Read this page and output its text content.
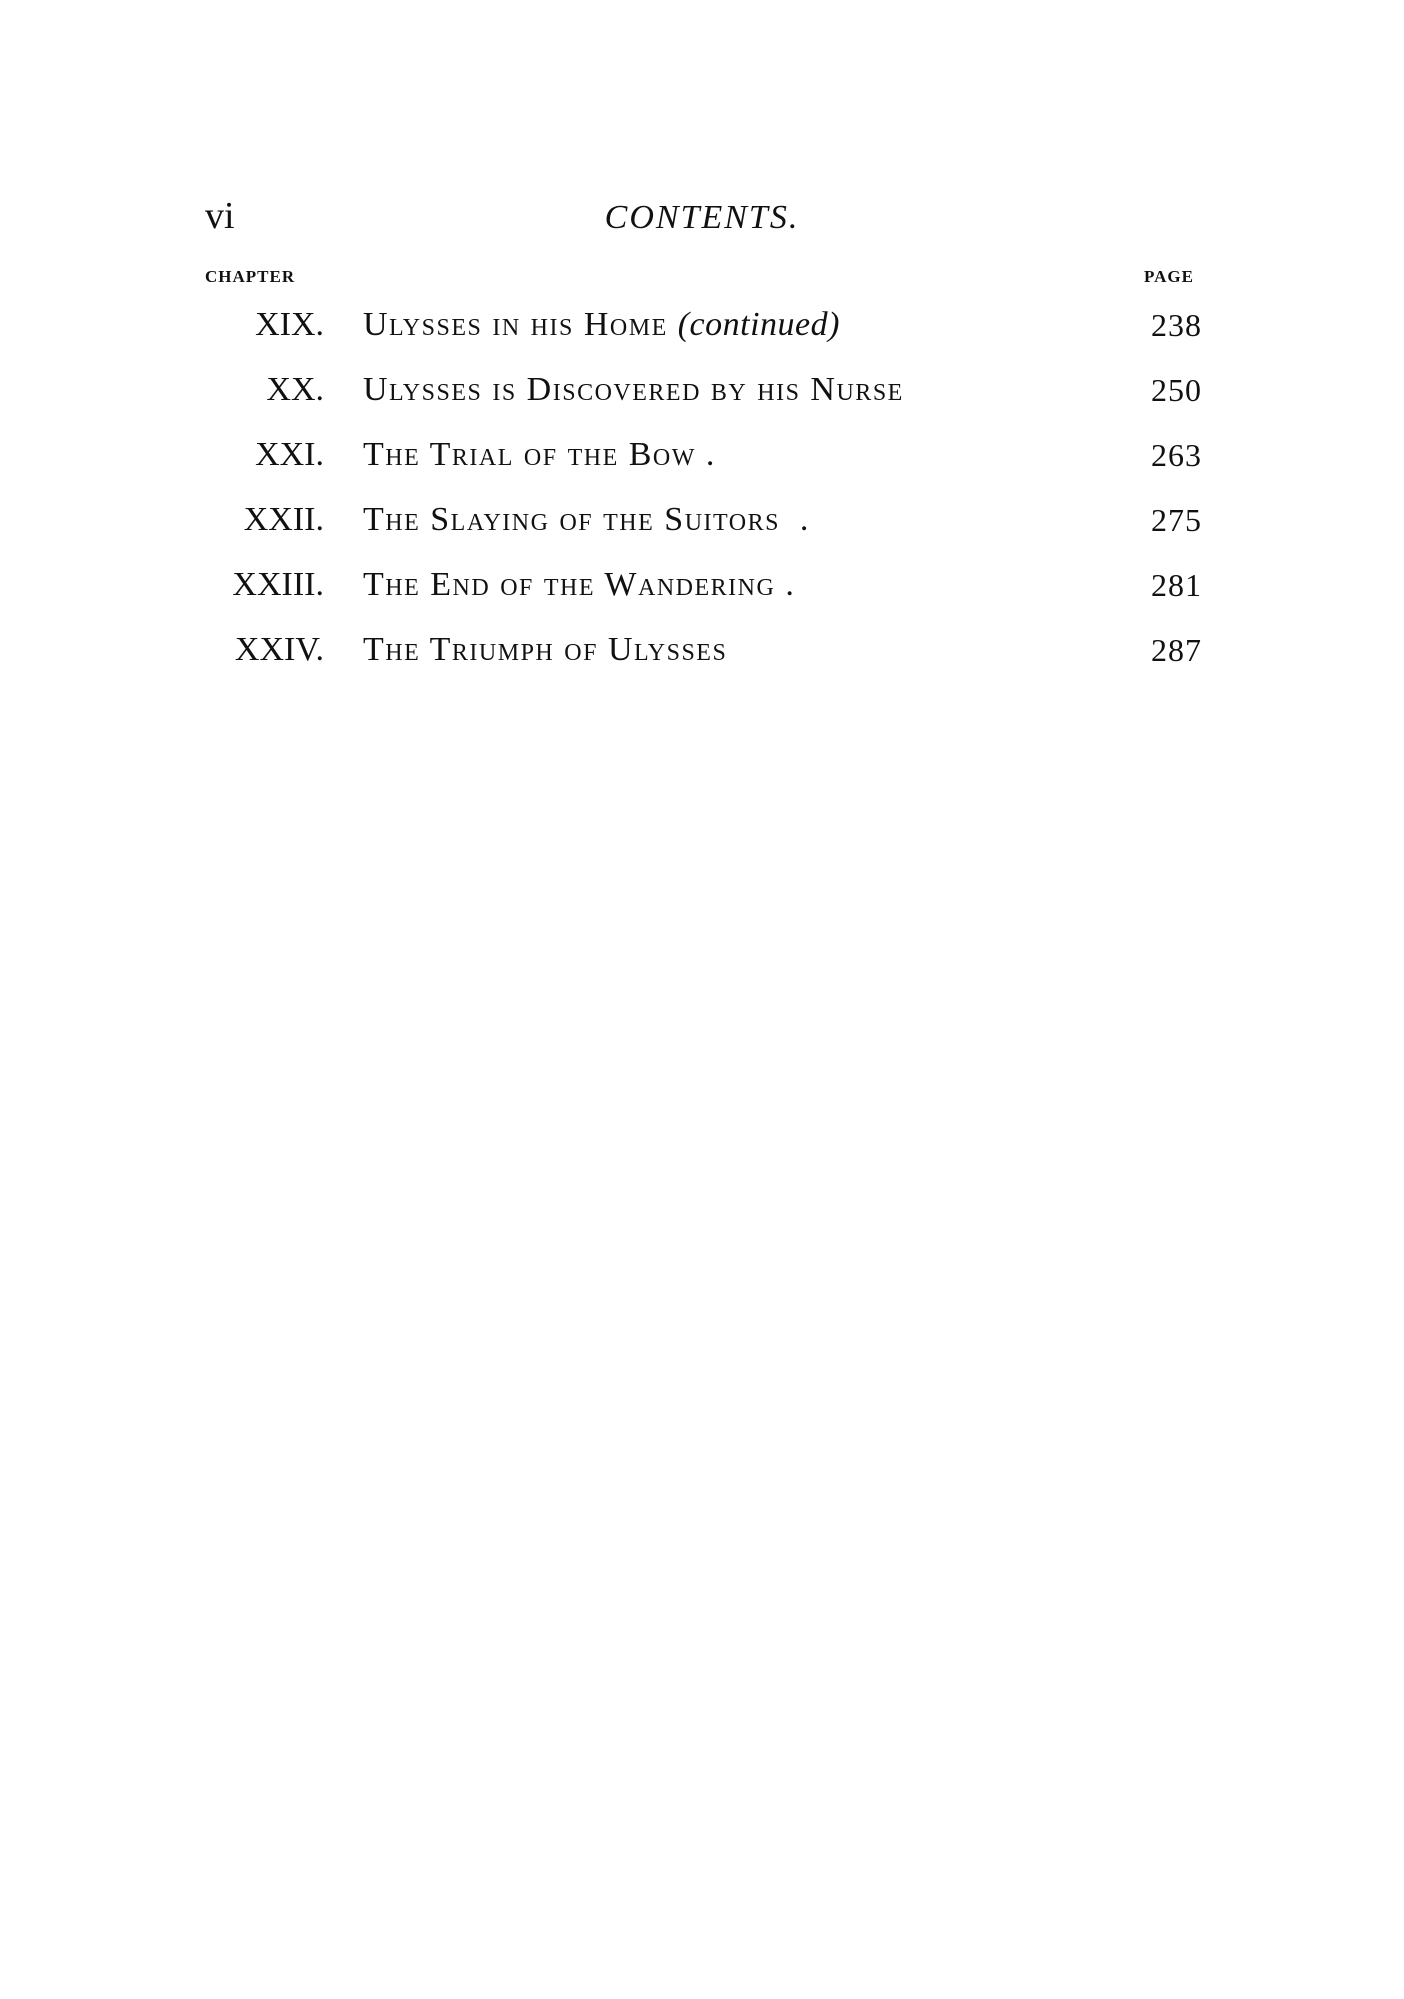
vi	CONTENTS.
CHAPTER	PAGE
XIX. Ulysses in his Home (continued)	238
XX. Ulysses is Discovered by his Nurse	250
XXI. The Trial of the Bow .	263
XXII. The Slaying of the Suitors  .	275
XXIII. The End of the Wandering .	281
XXIV. The Triumph of Ulysses	287
